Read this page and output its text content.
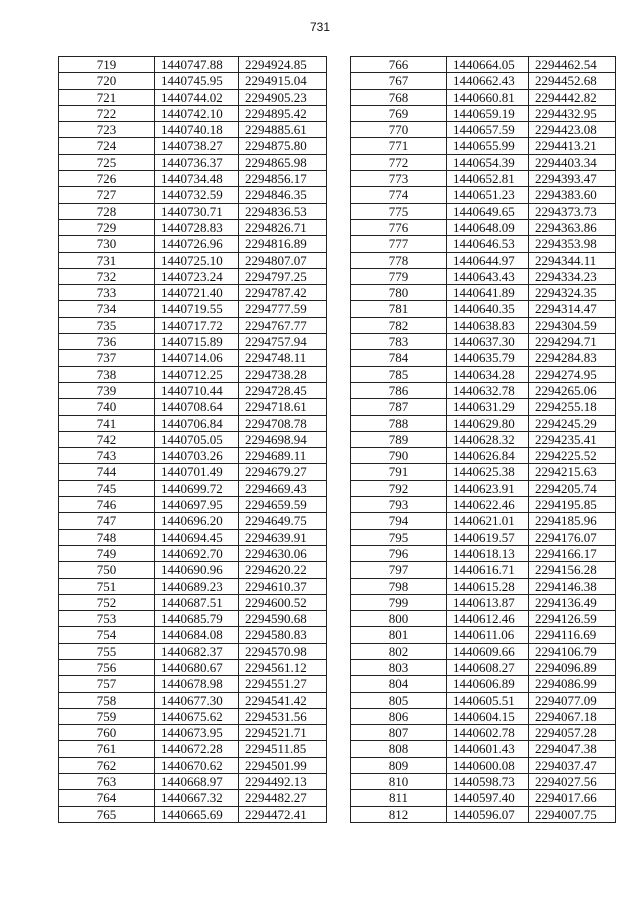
731
719	1440747.88	2294924.85
720	1440745.95	2294915.04
721	1440744.02	2294905.23
722	1440742.10	2294895.42
723	1440740.18	2294885.61
724	1440738.27	2294875.80
725	1440736.37	2294865.98
726	1440734.48	2294856.17
727	1440732.59	2294846.35
728	1440730.71	2294836.53
729	1440728.83	2294826.71
730	1440726.96	2294816.89
731	1440725.10	2294807.07
732	1440723.24	2294797.25
733	1440721.40	2294787.42
734	1440719.55	2294777.59
735	1440717.72	2294767.77
736	1440715.89	2294757.94
737	1440714.06	2294748.11
738	1440712.25	2294738.28
739	1440710.44	2294728.45
740	1440708.64	2294718.61
741	1440706.84	2294708.78
742	1440705.05	2294698.94
743	1440703.26	2294689.11
744	1440701.49	2294679.27
745	1440699.72	2294669.43
746	1440697.95	2294659.59
747	1440696.20	2294649.75
748	1440694.45	2294639.91
749	1440692.70	2294630.06
750	1440690.96	2294620.22
751	1440689.23	2294610.37
752	1440687.51	2294600.52
753	1440685.79	2294590.68
754	1440684.08	2294580.83
755	1440682.37	2294570.98
756	1440680.67	2294561.12
757	1440678.98	2294551.27
758	1440677.30	2294541.42
759	1440675.62	2294531.56
760	1440673.95	2294521.71
761	1440672.28	2294511.85
762	1440670.62	2294501.99
763	1440668.97	2294492.13
764	1440667.32	2294482.27
765	1440665.69	2294472.41
766	1440664.05	2294462.54
767	1440662.43	2294452.68
768	1440660.81	2294442.82
769	1440659.19	2294432.95
770	1440657.59	2294423.08
771	1440655.99	2294413.21
772	1440654.39	2294403.34
773	1440652.81	2294393.47
774	1440651.23	2294383.60
775	1440649.65	2294373.73
776	1440648.09	2294363.86
777	1440646.53	2294353.98
778	1440644.97	2294344.11
779	1440643.43	2294334.23
780	1440641.89	2294324.35
781	1440640.35	2294314.47
782	1440638.83	2294304.59
783	1440637.30	2294294.71
784	1440635.79	2294284.83
785	1440634.28	2294274.95
786	1440632.78	2294265.06
787	1440631.29	2294255.18
788	1440629.80	2294245.29
789	1440628.32	2294235.41
790	1440626.84	2294225.52
791	1440625.38	2294215.63
792	1440623.91	2294205.74
793	1440622.46	2294195.85
794	1440621.01	2294185.96
795	1440619.57	2294176.07
796	1440618.13	2294166.17
797	1440616.71	2294156.28
798	1440615.28	2294146.38
799	1440613.87	2294136.49
800	1440612.46	2294126.59
801	1440611.06	2294116.69
802	1440609.66	2294106.79
803	1440608.27	2294096.89
804	1440606.89	2294086.99
805	1440605.51	2294077.09
806	1440604.15	2294067.18
807	1440602.78	2294057.28
808	1440601.43	2294047.38
809	1440600.08	2294037.47
810	1440598.73	2294027.56
811	1440597.40	2294017.66
812	1440596.07	2294007.75
